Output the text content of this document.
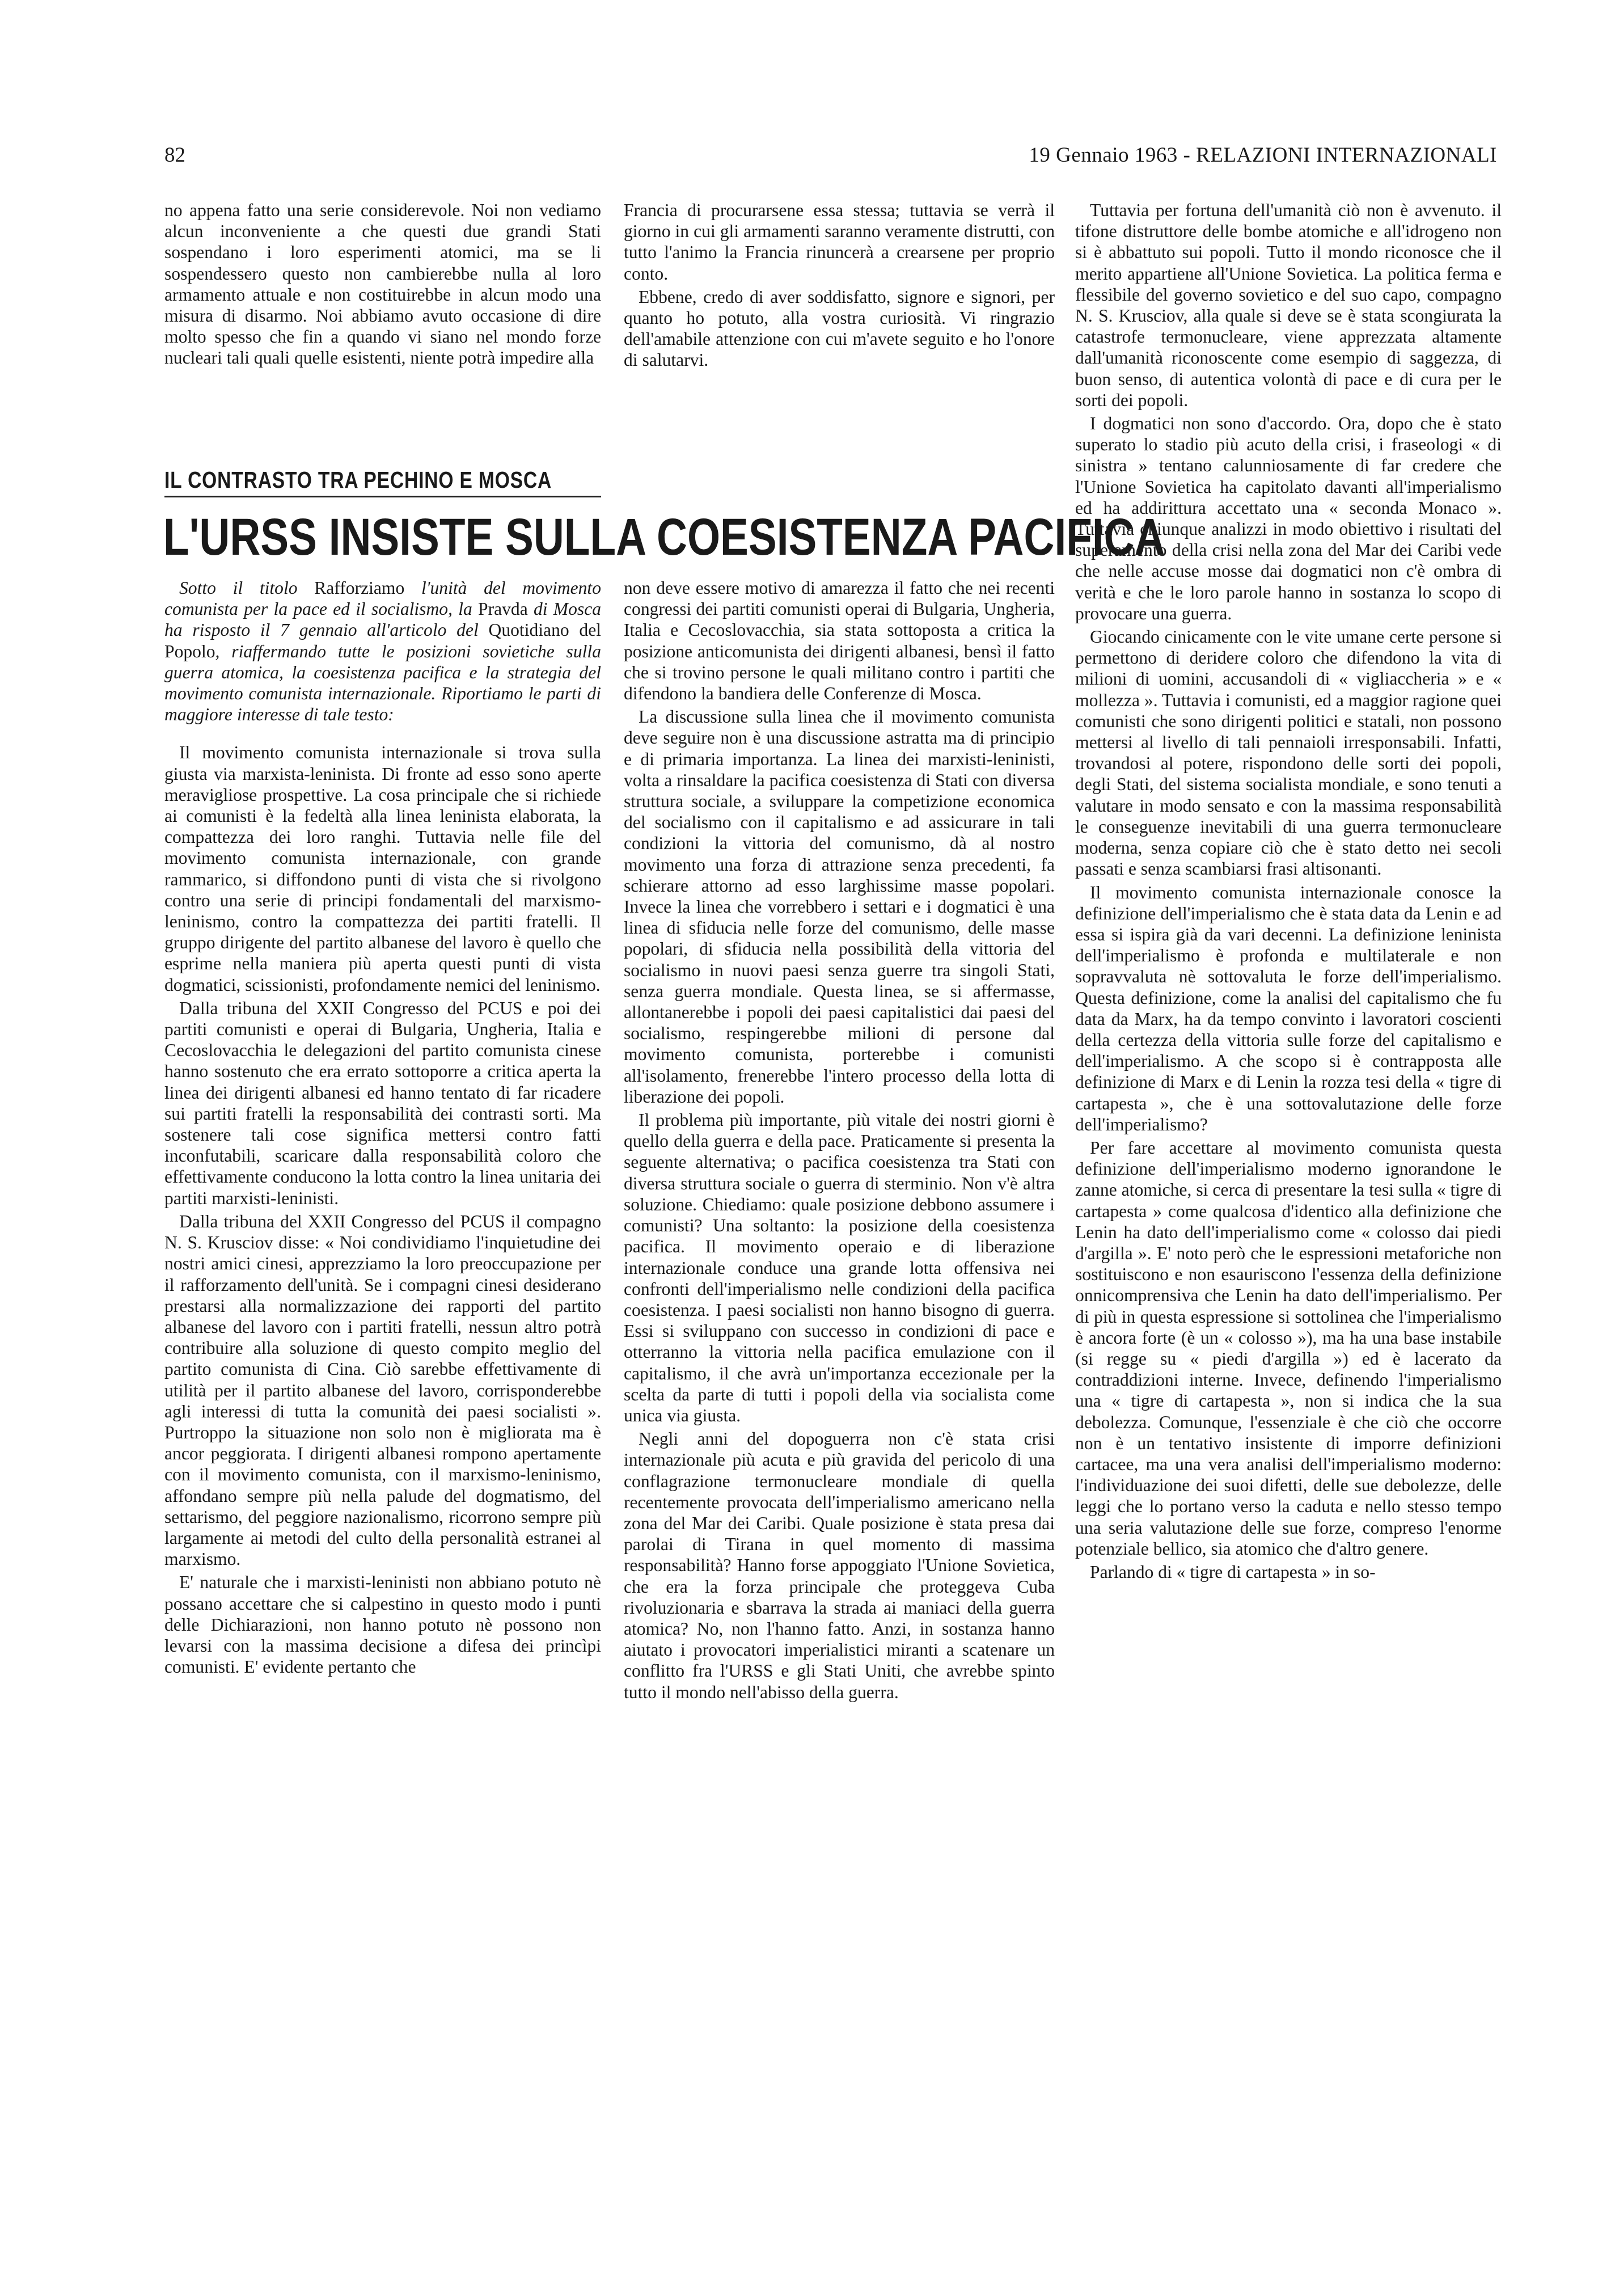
82	19 Gennaio 1963 - RELAZIONI INTERNAZIONALI

no appena fatto una serie considerevole. Noi non vediamo alcun inconveniente a che questi due grandi Stati sospendano i loro esperimenti atomici, ma se li sospendessero questo non cambierebbe nulla al loro armamento attuale e non costituirebbe in alcun modo una misura di disarmo. Noi abbiamo avuto occasione di dire molto spesso che fin a quando vi siano nel mondo forze nucleari tali quali quelle esistenti, niente potrà impedire alla

Francia di procurarsene essa stessa; tuttavia se verrà il giorno in cui gli armamenti saranno veramente distrutti, con tutto l'animo la Francia rinuncerà a crearsene per proprio conto.

Ebbene, credo di aver soddisfatto, signore e signori, per quanto ho potuto, alla vostra curiosità. Vi ringrazio dell'amabile attenzione con cui m'avete seguito e ho l'onore di salutarvi.

IL CONTRASTO TRA PECHINO E MOSCA
L'URSS INSISTE SULLA COESISTENZA PACIFICA

Sotto il titolo Rafforziamo l'unità del movimento comunista per la pace ed il socialismo, la Pravda di Mosca ha risposto il 7 gennaio all'articolo del Quotidiano del Popolo, riaffermando tutte le posizioni sovietiche sulla guerra atomica, la coesistenza pacifica e la strategia del movimento comunista internazionale. Riportiamo le parti di maggiore interesse di tale testo:

Il movimento comunista internazionale si trova sulla giusta via marxista-leninista. Di fronte ad esso sono aperte meravigliose prospettive. La cosa principale che si richiede ai comunisti è la fedeltà alla linea leninista elaborata, la compattezza dei loro ranghi. Tuttavia nelle file del movimento comunista internazionale, con grande rammarico, si diffondono punti di vista che si rivolgono contro una serie di principi fondamentali del marxismo-leninismo, contro la compattezza dei partiti fratelli. Il gruppo dirigente del partito albanese del lavoro è quello che esprime nella maniera più aperta questi punti di vista dogmatici, scissionisti, profondamente nemici del leninismo.

Dalla tribuna del XXII Congresso del PCUS e poi dei partiti comunisti e operai di Bulgaria, Ungheria, Italia e Cecoslovacchia le delegazioni del partito comunista cinese hanno sostenuto che era errato sottoporre a critica aperta la linea dei dirigenti albanesi ed hanno tentato di far ricadere sui partiti fratelli la responsabilità dei contrasti sorti. Ma sostenere tali cose significa mettersi contro fatti inconfutabili, scaricare dalla responsabilità coloro che effettivamente conducono la lotta contro la linea unitaria dei partiti marxisti-leninisti.

Dalla tribuna del XXII Congresso del PCUS il compagno N. S. Krusciov disse: « Noi condividiamo l'inquietudine dei nostri amici cinesi, apprezziamo la loro preoccupazione per il rafforzamento dell'unità. Se i compagni cinesi desiderano prestarsi alla normalizzazione dei rapporti del partito albanese del lavoro con i partiti fratelli, nessun altro potrà contribuire alla soluzione di questo compito meglio del partito comunista di Cina. Ciò sarebbe effettivamente di utilità per il partito albanese del lavoro, corrisponderebbe agli interessi di tutta la comunità dei paesi socialisti ». Purtroppo la situazione non solo non è migliorata ma è ancor peggiorata. I dirigenti albanesi rompono apertamente con il movimento comunista, con il marxismo-leninismo, affondano sempre più nella palude del dogmatismo, del settarismo, del peggiore nazionalismo, ricorrono sempre più largamente ai metodi del culto della personalità estranei al marxismo.

E' naturale che i marxisti-leninisti non abbiano potuto nè possano accettare che si calpestino in questo modo i punti delle Dichiarazioni, non hanno potuto nè possono non levarsi con la massima decisione a difesa dei princìpi comunisti. E' evidente pertanto che

non deve essere motivo di amarezza il fatto che nei recenti congressi dei partiti comunisti operai di Bulgaria, Ungheria, Italia e Cecoslovacchia, sia stata sottoposta a critica la posizione anticomunista dei dirigenti albanesi, bensì il fatto che si trovino persone le quali militano contro i partiti che difendono la bandiera delle Conferenze di Mosca.

La discussione sulla linea che il movimento comunista deve seguire non è una discussione astratta ma di principio e di primaria importanza. La linea dei marxisti-leninisti, volta a rinsaldare la pacifica coesistenza di Stati con diversa struttura sociale, a sviluppare la competizione economica del socialismo con il capitalismo e ad assicurare in tali condizioni la vittoria del comunismo, dà al nostro movimento una forza di attrazione senza precedenti, fa schierare attorno ad esso larghissime masse popolari. Invece la linea che vorrebbero i settari e i dogmatici è una linea di sfiducia nelle forze del comunismo, delle masse popolari, di sfiducia nella possibilità della vittoria del socialismo in nuovi paesi senza guerre tra singoli Stati, senza guerra mondiale. Questa linea, se si affermasse, allontanerebbe i popoli dei paesi capitalistici dai paesi del socialismo, respingerebbe milioni di persone dal movimento comunista, porterebbe i comunisti all'isolamento, frenerebbe l'intero processo della lotta di liberazione dei popoli.

Il problema più importante, più vitale dei nostri giorni è quello della guerra e della pace. Praticamente si presenta la seguente alternativa; o pacifica coesistenza tra Stati con diversa struttura sociale o guerra di sterminio. Non v'è altra soluzione. Chiediamo: quale posizione debbono assumere i comunisti? Una soltanto: la posizione della coesistenza pacifica. Il movimento operaio e di liberazione internazionale conduce una grande lotta offensiva nei confronti dell'imperialismo nelle condizioni della pacifica coesistenza. I paesi socialisti non hanno bisogno di guerra. Essi si sviluppano con successo in condizioni di pace e otterranno la vittoria nella pacifica emulazione con il capitalismo, il che avrà un'importanza eccezionale per la scelta da parte di tutti i popoli della via socialista come unica via giusta.

Negli anni del dopoguerra non c'è stata crisi internazionale più acuta e più gravida del pericolo di una conflagrazione termonucleare mondiale di quella recentemente provocata dell'imperialismo americano nella zona del Mar dei Caribi. Quale posizione è stata presa dai parolai di Tirana in quel momento di massima responsabilità? Hanno forse appoggiato l'Unione Sovietica, che era la forza principale che proteggeva Cuba rivoluzionaria e sbarrava la strada ai maniaci della guerra atomica? No, non l'hanno fatto. Anzi, in sostanza hanno aiutato i provocatori imperialistici miranti a scatenare un conflitto fra l'URSS e gli Stati Uniti, che avrebbe spinto tutto il mondo nell'abisso della guerra.

Tuttavia per fortuna dell'umanità ciò non è avvenuto. il tifone distruttore delle bombe atomiche e all'idrogeno non si è abbattuto sui popoli. Tutto il mondo riconosce che il merito appartiene all'Unione Sovietica. La politica ferma e flessibile del governo sovietico e del suo capo, compagno N. S. Krusciov, alla quale si deve se è stata scongiurata la catastrofe termonucleare, viene apprezzata altamente dall'umanità riconoscente come esempio di saggezza, di buon senso, di autentica volontà di pace e di cura per le sorti dei popoli.

I dogmatici non sono d'accordo. Ora, dopo che è stato superato lo stadio più acuto della crisi, i fraseologi « di sinistra » tentano calunniosamente di far credere che l'Unione Sovietica ha capitolato davanti all'imperialismo ed ha addirittura accettato una « seconda Monaco ». Tuttavia chiunque analizzi in modo obiettivo i risultati del superamento della crisi nella zona del Mar dei Caribi vede che nelle accuse mosse dai dogmatici non c'è ombra di verità e che le loro parole hanno in sostanza lo scopo di provocare una guerra.

Giocando cinicamente con le vite umane certe persone si permettono di deridere coloro che difendono la vita di milioni di uomini, accusandoli di « vigliaccheria » e « mollezza ». Tuttavia i comunisti, ed a maggior ragione quei comunisti che sono dirigenti politici e statali, non possono mettersi al livello di tali pennaioli irresponsabili. Infatti, trovandosi al potere, rispondono delle sorti dei popoli, degli Stati, del sistema socialista mondiale, e sono tenuti a valutare in modo sensato e con la massima responsabilità le conseguenze inevitabili di una guerra termonucleare moderna, senza copiare ciò che è stato detto nei secoli passati e senza scambiarsi frasi altisonanti.

Il movimento comunista internazionale conosce la definizione dell'imperialismo che è stata data da Lenin e ad essa si ispira già da vari decenni. La definizione leninista dell'imperialismo è profonda e multilaterale e non sopravvaluta nè sottovaluta le forze dell'imperialismo. Questa definizione, come la analisi del capitalismo che fu data da Marx, ha da tempo convinto i lavoratori coscienti della certezza della vittoria sulle forze del capitalismo e dell'imperialismo. A che scopo si è contrapposta alle definizione di Marx e di Lenin la rozza tesi della « tigre di cartapesta », che è una sottovalutazione delle forze dell'imperialismo?

Per fare accettare al movimento comunista questa definizione dell'imperialismo moderno ignorandone le zanne atomiche, si cerca di presentare la tesi sulla « tigre di cartapesta » come qualcosa d'identico alla definizione che Lenin ha dato dell'imperialismo come « colosso dai piedi d'argilla ». E' noto però che le espressioni metaforiche non sostituiscono e non esauriscono l'essenza della definizione onnicomprensiva che Lenin ha dato dell'imperialismo. Per di più in questa espressione si sottolinea che l'imperialismo è ancora forte (è un « colosso »), ma ha una base instabile (si regge su « piedi d'argilla ») ed è lacerato da contraddizioni interne. Invece, definendo l'imperialismo una « tigre di cartapesta », non si indica che la sua debolezza. Comunque, l'essenziale è che ciò che occorre non è un tentativo insistente di imporre definizioni cartacee, ma una vera analisi dell'imperialismo moderno: l'individuazione dei suoi difetti, delle sue debolezze, delle leggi che lo portano verso la caduta e nello stesso tempo una seria valutazione delle sue forze, compreso l'enorme potenziale bellico, sia atomico che d'altro genere.

Parlando di « tigre di cartapesta » in so-
